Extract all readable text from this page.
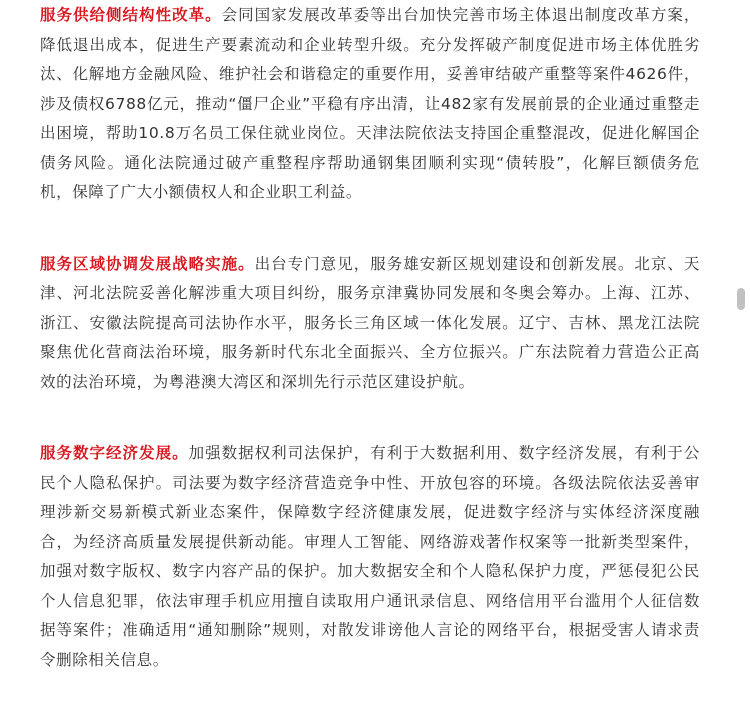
服务供给侧结构性改革。会同国家发展改革委等出台加快完善市场主体退出制度改革方案，降低退出成本，促进生产要素流动和企业转型升级。充分发挥破产制度促进市场主体优胜劣汰、化解地方金融风险、维护社会和谐稳定的重要作用，妥善审结破产重整等案件4626件，涉及债权6788亿元，推动“僵尸企业”平稳有序出清，让482家有发展前景的企业通过重整走出困境，帮助10.8万名员工保住就业岗位。天津法院依法支持国企重整混改，促进化解国企债务风险。通化法院通过破产重整程序帮助通钢集团顺利实现“债转股”，化解巨额债务危机，保障了广大小额债权人和企业职工利益。

服务区域协调发展战略实施。出台专门意见，服务雄安新区规划建设和创新发展。北京、天津、河北法院妥善化解涉重大项目纠纷，服务京津冀协同发展和冬奥会筹办。上海、江苏、浙江、安徽法院提高司法协作水平，服务长三角区域一体化发展。辽宁、吉林、黑龙江法院聚焦优化营商法治环境，服务新时代东北全面振兴、全方位振兴。广东法院着力营造公正高效的法治环境，为粤港澳大湾区和深圳先行示范区建设护航。

服务数字经济发展。加强数据权利司法保护，有利于大数据利用、数字经济发展，有利于公民个人隐私保护。司法要为数字经济营造竞争中性、开放包容的环境。各级法院依法妥善审理涉新交易新模式新业态案件，保障数字经济健康发展，促进数字经济与实体经济深度融合，为经济高质量发展提供新动能。审理人工智能、网络游戏著作权案等一批新类型案件，加强对数字版权、数字内容产品的保护。加大数据安全和个人隐私保护力度，严惩侵犯公民个人信息犯罪，依法审理手机应用擅自读取用户通讯录信息、网络信用平台滥用个人征信数据等案件；准确适用“通知删除”规则，对散发诽谤他人言论的网络平台，根据受害人请求责令删除相关信息。
